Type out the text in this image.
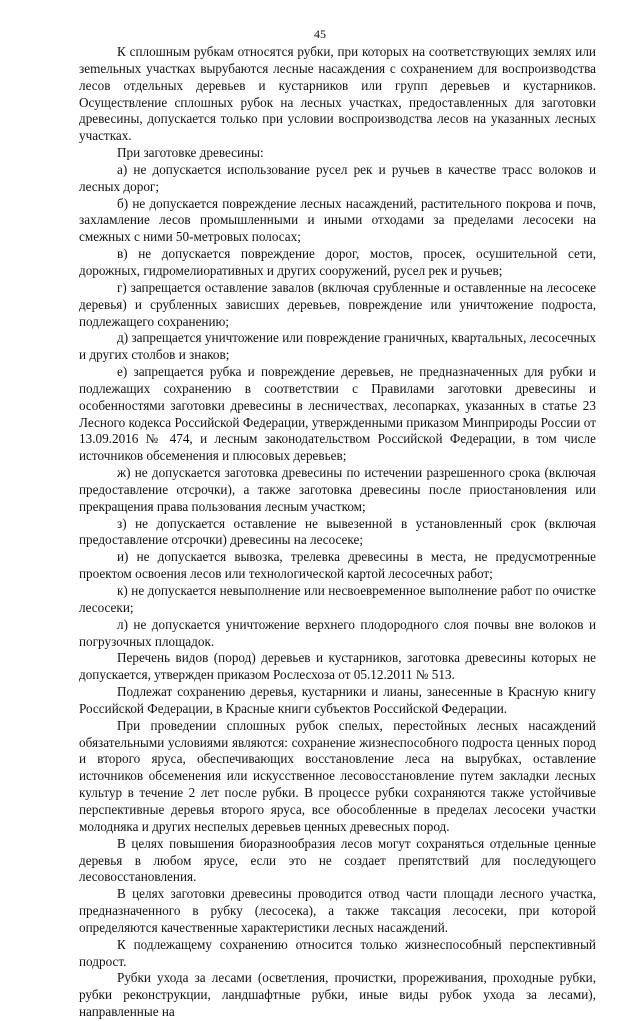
45

К сплошным рубкам относятся рубки, при которых на соответствующих землях или зеmельных участках вырубаются лесные насаждения с сохранением для воспроизводства лесов отдельных деревьев и кустарников или групп деревьев и кустарников. Осуществление сплошных рубок на лесных участках, предоставленных для заготовки древесины, допускается только при условии воспроизводства лесов на указанных лесных участках.

При заготовке древесины:

а) не допускается использование русел рек и ручьев в качестве трасс волоков и лесных дорог;

б) не допускается повреждение лесных насаждений, растительного покрова и почв, захламление лесов промышленными и иными отходами за пределами лесосеки на смежных с ними 50-метровых полосах;

в) не допускается повреждение дорог, мостов, просек, осушительной сети, дорожных, гидромелиоративных и других сооружений, русел рек и ручьев;

г) запрещается оставление завалов (включая срубленные и оставленные на лесосеке деревья) и срубленных зависших деревьев, повреждение или уничтожение подроста, подлежащего сохранению;

д) запрещается уничтожение или повреждение граничных, квартальных, лесосечных и других столбов и знаков;

е) запрещается рубка и повреждение деревьев, не предназначенных для рубки и подлежащих сохранению в соответствии с Правилами заготовки древесины и особенностями заготовки древесины в лесничествах, лесопарках, указанных в статье 23 Лесного кодекса Российской Федерации, утвержденными приказом Минприроды России от 13.09.2016 № 474, и лесным законодательством Российской Федерации, в том числе источников обсеменения и плюсовых деревьев;

ж) не допускается заготовка древесины по истечении разрешенного срока (включая предоставление отсрочки), а также заготовка древесины после приостановления или прекращения права пользования лесным участком;

з) не допускается оставление не вывезенной в установленный срок (включая предоставление отсрочки) древесины на лесосеке;

и) не допускается вывозка, трелевка древесины в места, не предусмотренные проектом освоения лесов или технологической картой лесосечных работ;

к) не допускается невыполнение или несвоевременное выполнение работ по очистке лесосеки;

л) не допускается уничтожение верхнего плодородного слоя почвы вне волоков и погрузочных площадок.

Перечень видов (пород) деревьев и кустарников, заготовка древесины которых не допускается, утвержден приказом Рослесхоза от 05.12.2011 № 513.

Подлежат сохранению деревья, кустарники и лианы, занесенные в Красную книгу Российской Федерации, в Красные книги субъектов Российской Федерации.

При проведении сплошных рубок спелых, перестойных лесных насаждений обязательными условиями являются: сохранение жизнеспособного подроста ценных пород и второго яруса, обеспечивающих восстановление леса на вырубках, оставление источников обсеменения или искусственное лесовосстановление путем закладки лесных культур в течение 2 лет после рубки. В процессе рубки сохраняются также устойчивые перспективные деревья второго яруса, все обособленные в пределах лесосеки участки молодняка и других неспелых деревьев ценных древесных пород.

В целях повышения биоразнообразия лесов могут сохраняться отдельные ценные деревья в любом ярусе, если это не создает препятствий для последующего лесовосстановления.

В целях заготовки древесины проводится отвод части площади лесного участка, предназначенного в рубку (лесосека), а также таксация лесосеки, при которой определяются качественные характеристики лесных насаждений.

К подлежащему сохранению относится только жизнеспособный перспективный подрост.

Рубки ухода за лесами (осветления, прочистки, прореживания, проходные рубки, рубки реконструкции, ландшафтные рубки, иные виды рубок ухода за лесами), направленные на
